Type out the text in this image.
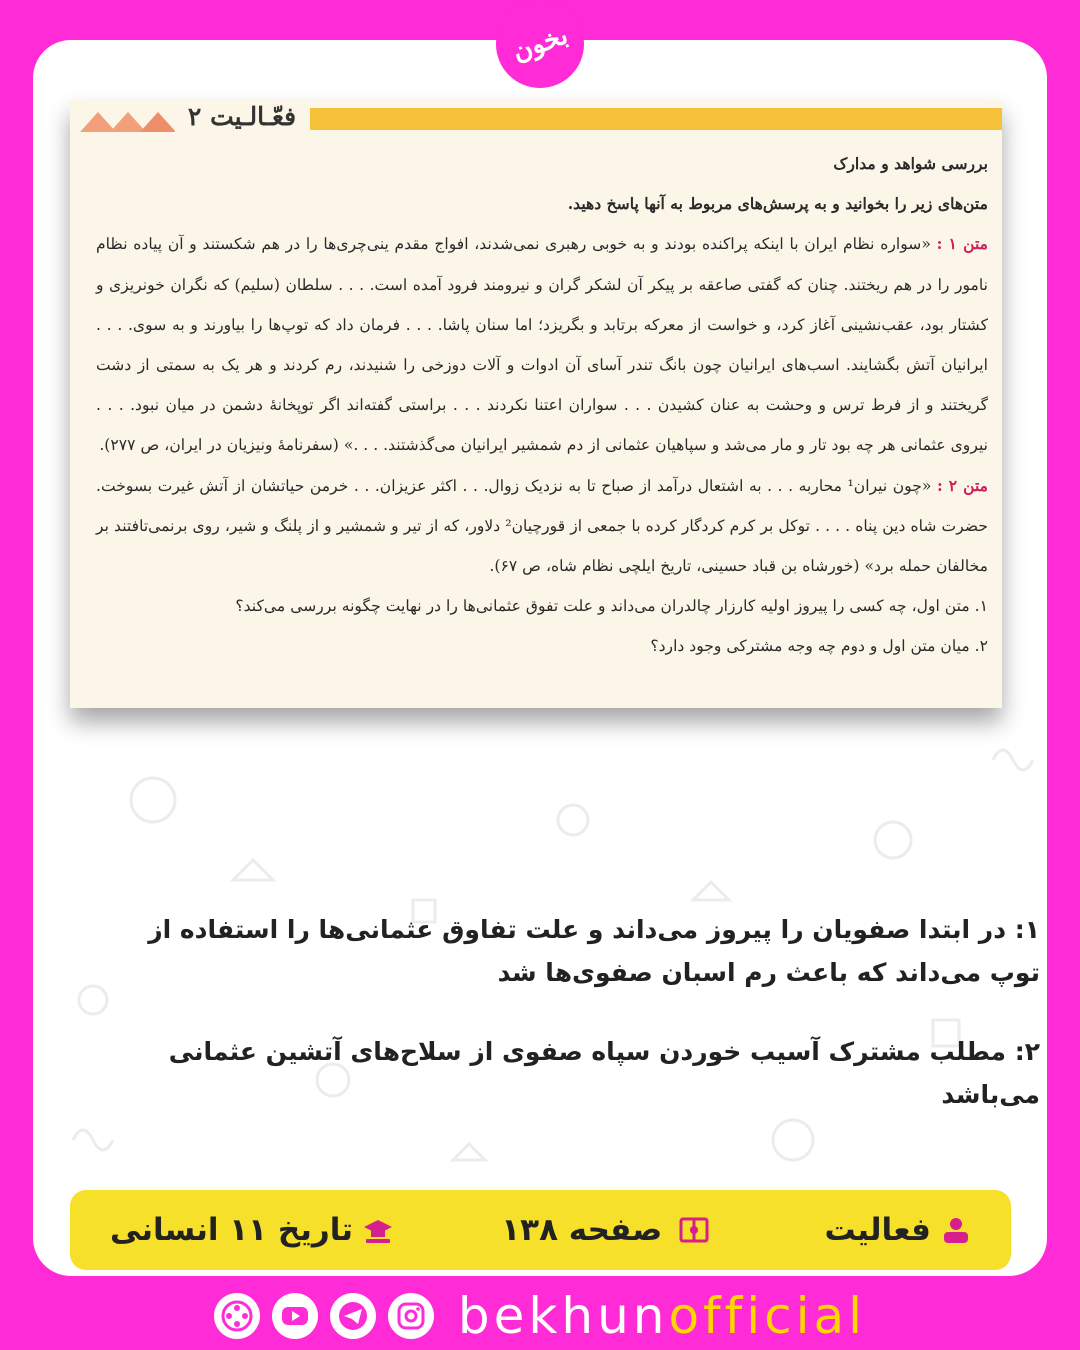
بخون
فعّـالـیت ۲

بررسی شواهد و مدارک

متن‌های زیر را بخوانید و به پرسش‌های مربوط به آنها پاسخ دهید.

متن ۱ : «سواره نظام ایران با اینکه پراکنده بودند و به خوبی رهبری نمی‌شدند، افواج مقدم ینی‌چری‌ها را در هم شکستند و آن پیاده نظام نامور را در هم ریختند. چنان که گفتی صاعقه بر پیکر آن لشکر گران و نیرومند فرود آمده است. . . . سلطان (سلیم) که نگران خونریزی و کشتار بود، عقب‌نشینی آغاز کرد، و خواست از معرکه برتابد و بگریزد؛ اما سنان پاشا. . . . فرمان داد که توپ‌ها را بیاورند و به سوی. . . . ایرانیان آتش بگشایند. اسب‌های ایرانیان چون بانگ تندر آسای آن ادوات و آلات دوزخی را شنیدند، رم کردند و هر یک به سمتی از دشت گریختند و از فرط ترس و وحشت به عنان کشیدن . . . سواران اعتنا نکردند . . . براستی گفته‌اند اگر توپخانهٔ دشمن در میان نبود. . . . نیروی عثمانی هر چه بود تار و مار می‌شد و سپاهیان عثمانی از دم شمشیر ایرانیان می‌گذشتند. . . .» (سفرنامهٔ ونیزیان در ایران، ص ۲۷۷).

متن ۲ : «چون نیران¹ محاربه . . . به اشتعال درآمد از صباح تا به نزدیک زوال. . . اکثر عزیزان. . . خرمن حیاتشان از آتش غیرت بسوخت. حضرت شاه دین پناه . . . . توکل بر کرم کردگار کرده با جمعی از قورچیان² دلاور، که از تیر و شمشیر و از پلنگ و شیر، روی برنمی‌تافتند بر مخالفان حمله برد» (خورشاه بن قباد حسینی، تاریخ ایلچی نظام شاه، ص ۶۷).

۱. متن اول، چه کسی را پیروز اولیه کارزار چالدران می‌داند و علت تفوق عثمانی‌ها را در نهایت چگونه بررسی می‌کند؟

۲. میان متن اول و دوم چه وجه مشترکی وجود دارد؟

۱: در ابتدا صفویان را پیروز می‌داند و علت تفاوق عثمانی‌ها را استفاده از توپ می‌داند که باعث رم اسبان صفوی‌ها شد

۲: مطلب مشترک آسیب خوردن سپاه صفوی از سلاح‌های آتشین عثمانی می‌باشد

تاریخ ۱۱ انسانی	صفحه ۱۳۸	فعالیت
bekhunofficial
